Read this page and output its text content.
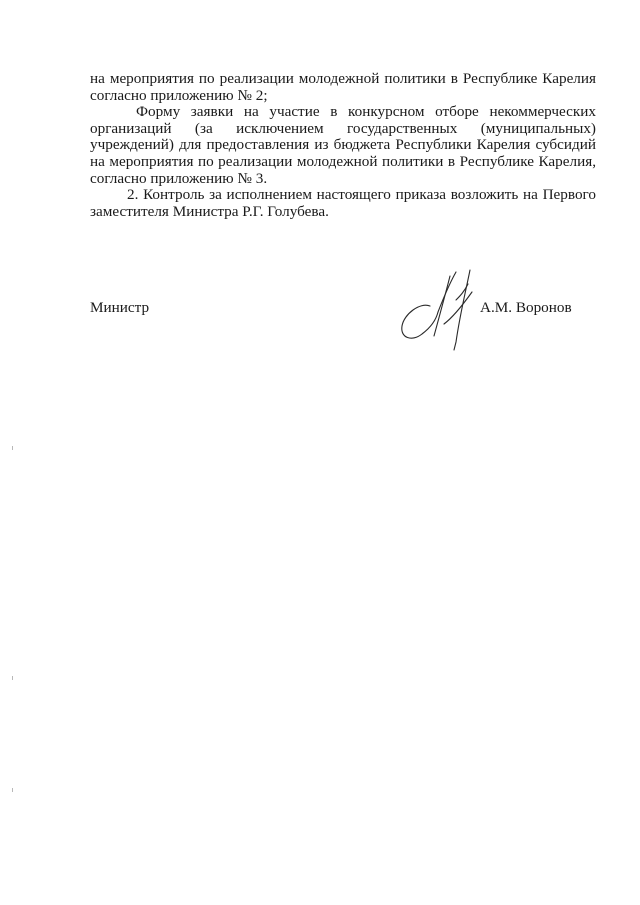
на мероприятия по реализации молодежной политики в Республике Карелия согласно приложению № 2;

Форму заявки на участие в конкурсном отборе некоммерческих организаций (за исключением государственных (муниципальных) учреждений) для предоставления из бюджета Республики Карелия субсидий на мероприятия по реализации молодежной политики в Республике Карелия, согласно приложению № 3.

2. Контроль за исполнением настоящего приказа возложить на Первого заместителя Министра Р.Г. Голубева.

Министр	А.М. Воронов
